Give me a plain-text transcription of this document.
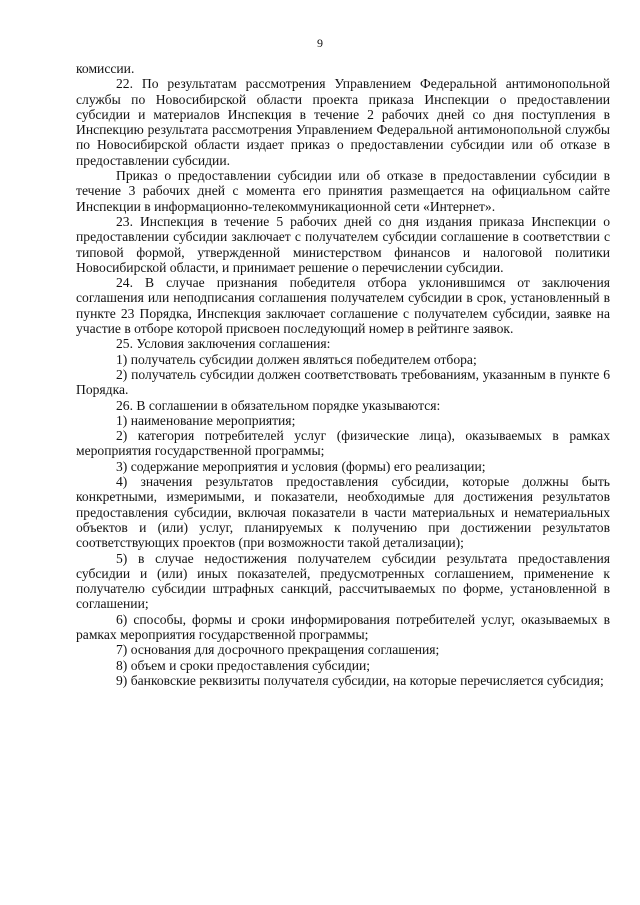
9

комиссии.

22. По результатам рассмотрения Управлением Федеральной антимонопольной службы по Новосибирской области проекта приказа Инспекции о предоставлении субсидии и материалов Инспекция в течение 2 рабочих дней со дня поступления в Инспекцию результата рассмотрения Управлением Федеральной антимонопольной службы по Новосибирской области издает приказ о предоставлении субсидии или об отказе в предоставлении субсидии.

Приказ о предоставлении субсидии или об отказе в предоставлении субсидии в течение 3 рабочих дней с момента его принятия размещается на официальном сайте Инспекции в информационно-телекоммуникационной сети «Интернет».

23. Инспекция в течение 5 рабочих дней со дня издания приказа Инспекции о предоставлении субсидии заключает с получателем субсидии соглашение в соответствии с типовой формой, утвержденной министерством финансов и налоговой политики Новосибирской области, и принимает решение о перечислении субсидии.

24. В случае признания победителя отбора уклонившимся от заключения соглашения или неподписания соглашения получателем субсидии в срок, установленный в пункте 23 Порядка, Инспекция заключает соглашение с получателем субсидии, заявке на участие в отборе которой присвоен последующий номер в рейтинге заявок.

25. Условия заключения соглашения:

1) получатель субсидии должен являться победителем отбора;

2) получатель субсидии должен соответствовать требованиям, указанным в пункте 6 Порядка.

26. В соглашении в обязательном порядке указываются:

1) наименование мероприятия;

2) категория потребителей услуг (физические лица), оказываемых в рамках мероприятия государственной программы;

3) содержание мероприятия и условия (формы) его реализации;

4) значения результатов предоставления субсидии, которые должны быть конкретными, измеримыми, и показатели, необходимые для достижения результатов предоставления субсидии, включая показатели в части материальных и нематериальных объектов и (или) услуг, планируемых к получению при достижении результатов соответствующих проектов (при возможности такой детализации);

5) в случае недостижения получателем субсидии результата предоставления субсидии и (или) иных показателей, предусмотренных соглашением, применение к получателю субсидии штрафных санкций, рассчитываемых по форме, установленной в соглашении;

6) способы, формы и сроки информирования потребителей услуг, оказываемых в рамках мероприятия государственной программы;

7) основания для досрочного прекращения соглашения;

8) объем и сроки предоставления субсидии;

9) банковские реквизиты получателя субсидии, на которые перечисляется субсидия;
